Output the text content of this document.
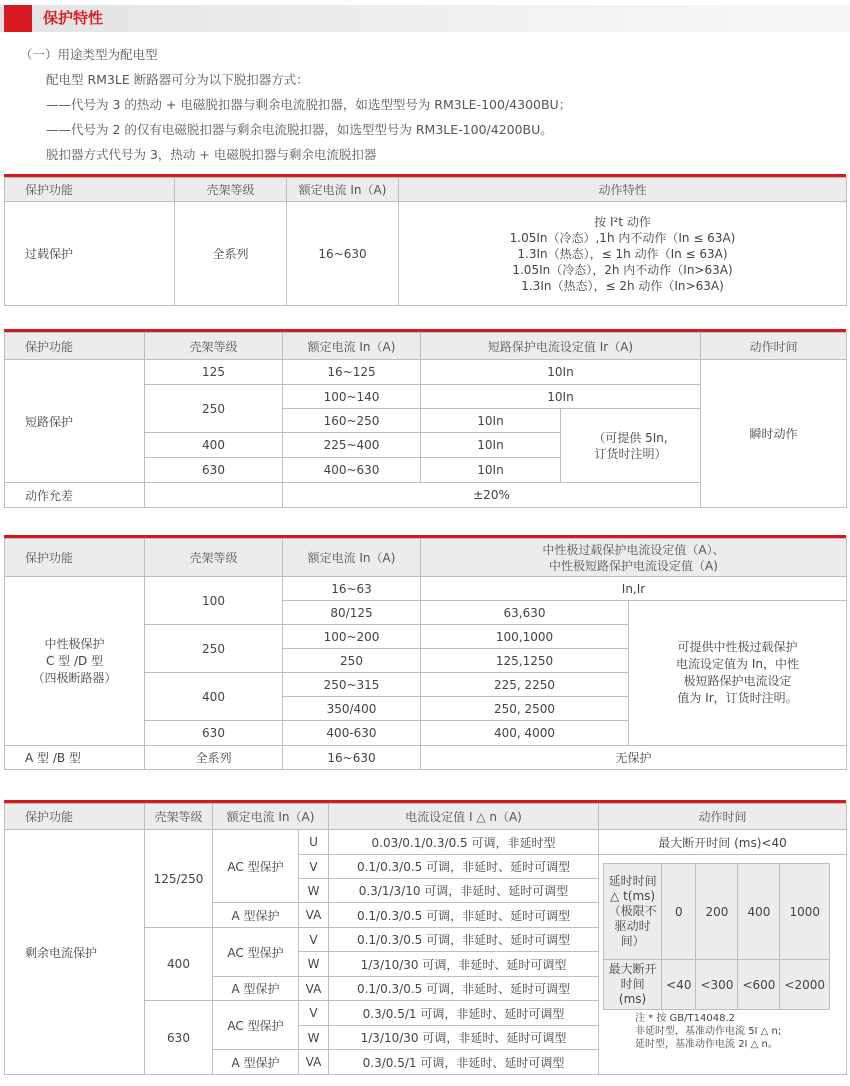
保护特性
（一）用途类型为配电型
配电型 RM3LE 断路器可分为以下脱扣器方式：
——代号为 3 的热动 + 电磁脱扣器与剩余电流脱扣器，如选型型号为 RM3LE-100/4300BU；
——代号为 2 的仅有电磁脱扣器与剩余电流脱扣器，如选型型号为 RM3LE-100/4200BU。
脱扣器方式代号为 3，热动 + 电磁脱扣器与剩余电流脱扣器
保护功能	壳架等级	额定电流 In（A)	动作特性
过载保护	全系列	16~630	按 I²t 动作
1.05In（冷态）,1h 内不动作（In ≤ 63A)
1.3In（热态），≤ 1h 动作（In ≤ 63A)
1.05In（冷态），2h 内不动作（In>63A)
1.3In（热态），≤ 2h 动作（In>63A)
保护功能	壳架等级	额定电流 In（A)	短路保护电流设定值 Ir（A)		动作时间
短路保护	125	16~125	10In		瞬时动作
	250	100~140	10In		
		160~250	10In	（可提供 5In,
订货时注明）	
	400	225~400	10In		
	630	400~630	10In		
动作允差		±20%			
保护功能	壳架等级	额定电流 In（A)	中性极过载保护电流设定值（A）、
中性极短路保护电流设定值（A)	
中性极保护
C 型 /D 型
（四极断路器）	100	16~63	In,Ir	
		80/125	63,630	可提供中性极过载保护
电流设定值为 In，中性
极短路保护电流设定
值为 Ir，订货时注明。
	250	100~200	100,1000	
		250	125,1250	
	400	250~315	225, 2250	
		350/400	250, 2500	
	630	400-630	400, 4000	
A 型 /B 型	全系列	16~630	无保护	
保护功能	壳架等级	额定电流 In（A)	电流设定值 I △ n（A)	动作时间
剩余电流保护	125/250	AC 型保护	U	0.03/0.1/0.3/0.5 可调，非延时型	最大断开时间 (ms)<40
V	0.1/0.3/0.5 可调，非延时、延时可调型	
延时时间
△ t(ms)
（极限不
驱动时间）	0	200	400	1000
最大断开
时间 (ms)	<40	<300	<600	<2000
注 * 按 GB/T14048.2
非延时型，基准动作电流 5I △ n;
延时型，基准动作电流 2I △ n。

W	0.3/1/3/10 可调，非延时、延时可调型
A 型保护	VA	0.1/0.3/0.5 可调，非延时、延时可调型
400	AC 型保护	V	0.1/0.3/0.5 可调，非延时、延时可调型
W	1/3/10/30 可调，非延时、延时可调型
A 型保护	VA	0.1/0.3/0.5 可调，非延时、延时可调型
630	AC 型保护	V	0.3/0.5/1 可调，非延时、延时可调型
W	1/3/10/30 可调，非延时、延时可调型
A 型保护	VA	0.3/0.5/1 可调，非延时、延时可调型
